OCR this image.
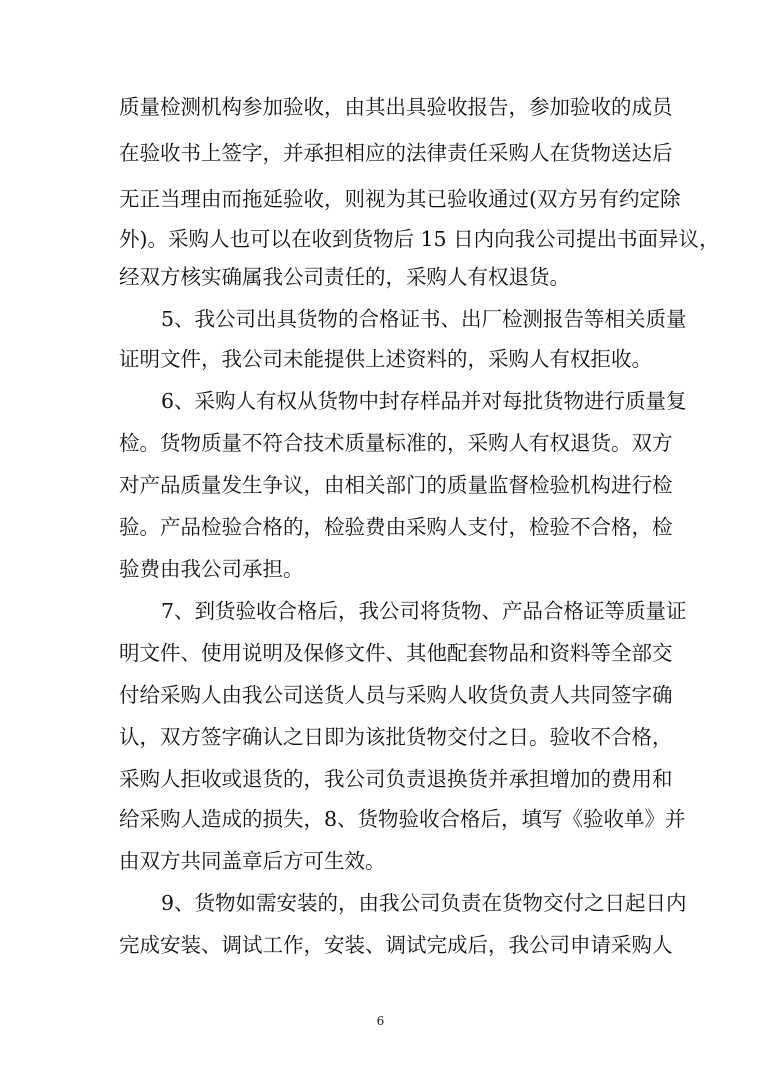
质量检测机构参加验收，由其出具验收报告，参加验收的成员
在验收书上签字，并承担相应的法律责任采购人在货物送达后
无正当理由而拖延验收，则视为其已验收通过(双方另有约定除
外)。采购人也可以在收到货物后 15 日内向我公司提出书面异议，
经双方核实确属我公司责任的，采购人有权退货。
5、我公司出具货物的合格证书、出厂检测报告等相关质量
证明文件，我公司未能提供上述资料的，采购人有权拒收。
6、采购人有权从货物中封存样品并对每批货物进行质量复
检。货物质量不符合技术质量标准的，采购人有权退货。双方
对产品质量发生争议，由相关部门的质量监督检验机构进行检
验。产品检验合格的，检验费由采购人支付，检验不合格，检
验费由我公司承担。
7、到货验收合格后，我公司将货物、产品合格证等质量证
明文件、使用说明及保修文件、其他配套物品和资料等全部交
付给采购人由我公司送货人员与采购人收货负责人共同签字确
认，双方签字确认之日即为该批货物交付之日。验收不合格，
采购人拒收或退货的，我公司负责退换货并承担增加的费用和
给采购人造成的损失，8、货物验收合格后，填写《验收单》并
由双方共同盖章后方可生效。
9、货物如需安装的，由我公司负责在货物交付之日起日内
完成安装、调试工作，安装、调试完成后，我公司申请采购人
6
